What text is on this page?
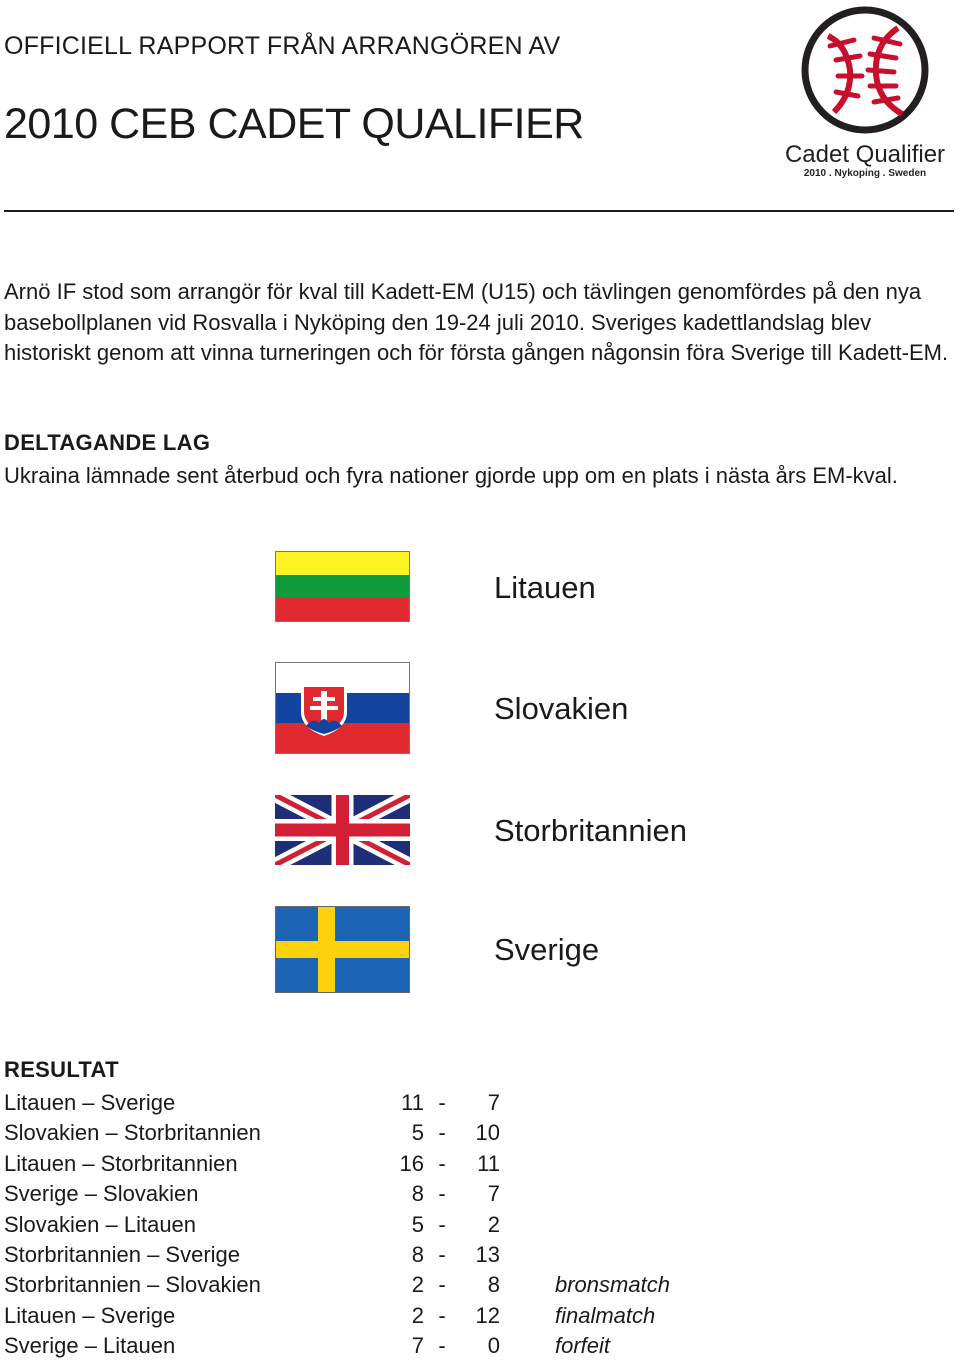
OFFICIELL RAPPORT FRÅN ARRANGÖREN AV
2010 CEB CADET QUALIFIER
Cadet Qualifier
2010 . Nykoping . Sweden

Arnö IF stod som arrangör för kval till Kadett-EM (U15) och tävlingen genomfördes på den nya basebollplanen vid Rosvalla i Nyköping den 19-24 juli 2010. Sveriges kadettlandslag blev historiskt genom att vinna turneringen och för första gången någonsin föra Sverige till Kadett-EM.

DELTAGANDE LAG

Ukraina lämnade sent återbud och fyra nationer gjorde upp om en plats i nästa års EM-kval.

Litauen
Slovakien
Storbritannien
Sverige
RESULTAT
Litauen – Sverige	11	-	7	
Slovakien – Storbritannien	5	-	10	
Litauen – Storbritannien	16	-	11	
Sverige – Slovakien	8	-	7	
Slovakien – Litauen	5	-	2	
Storbritannien – Sverige	8	-	13	
Storbritannien – Slovakien	2	-	8	bronsmatch
Litauen – Sverige	2	-	12	finalmatch
Sverige – Litauen	7	-	0	forfeit
